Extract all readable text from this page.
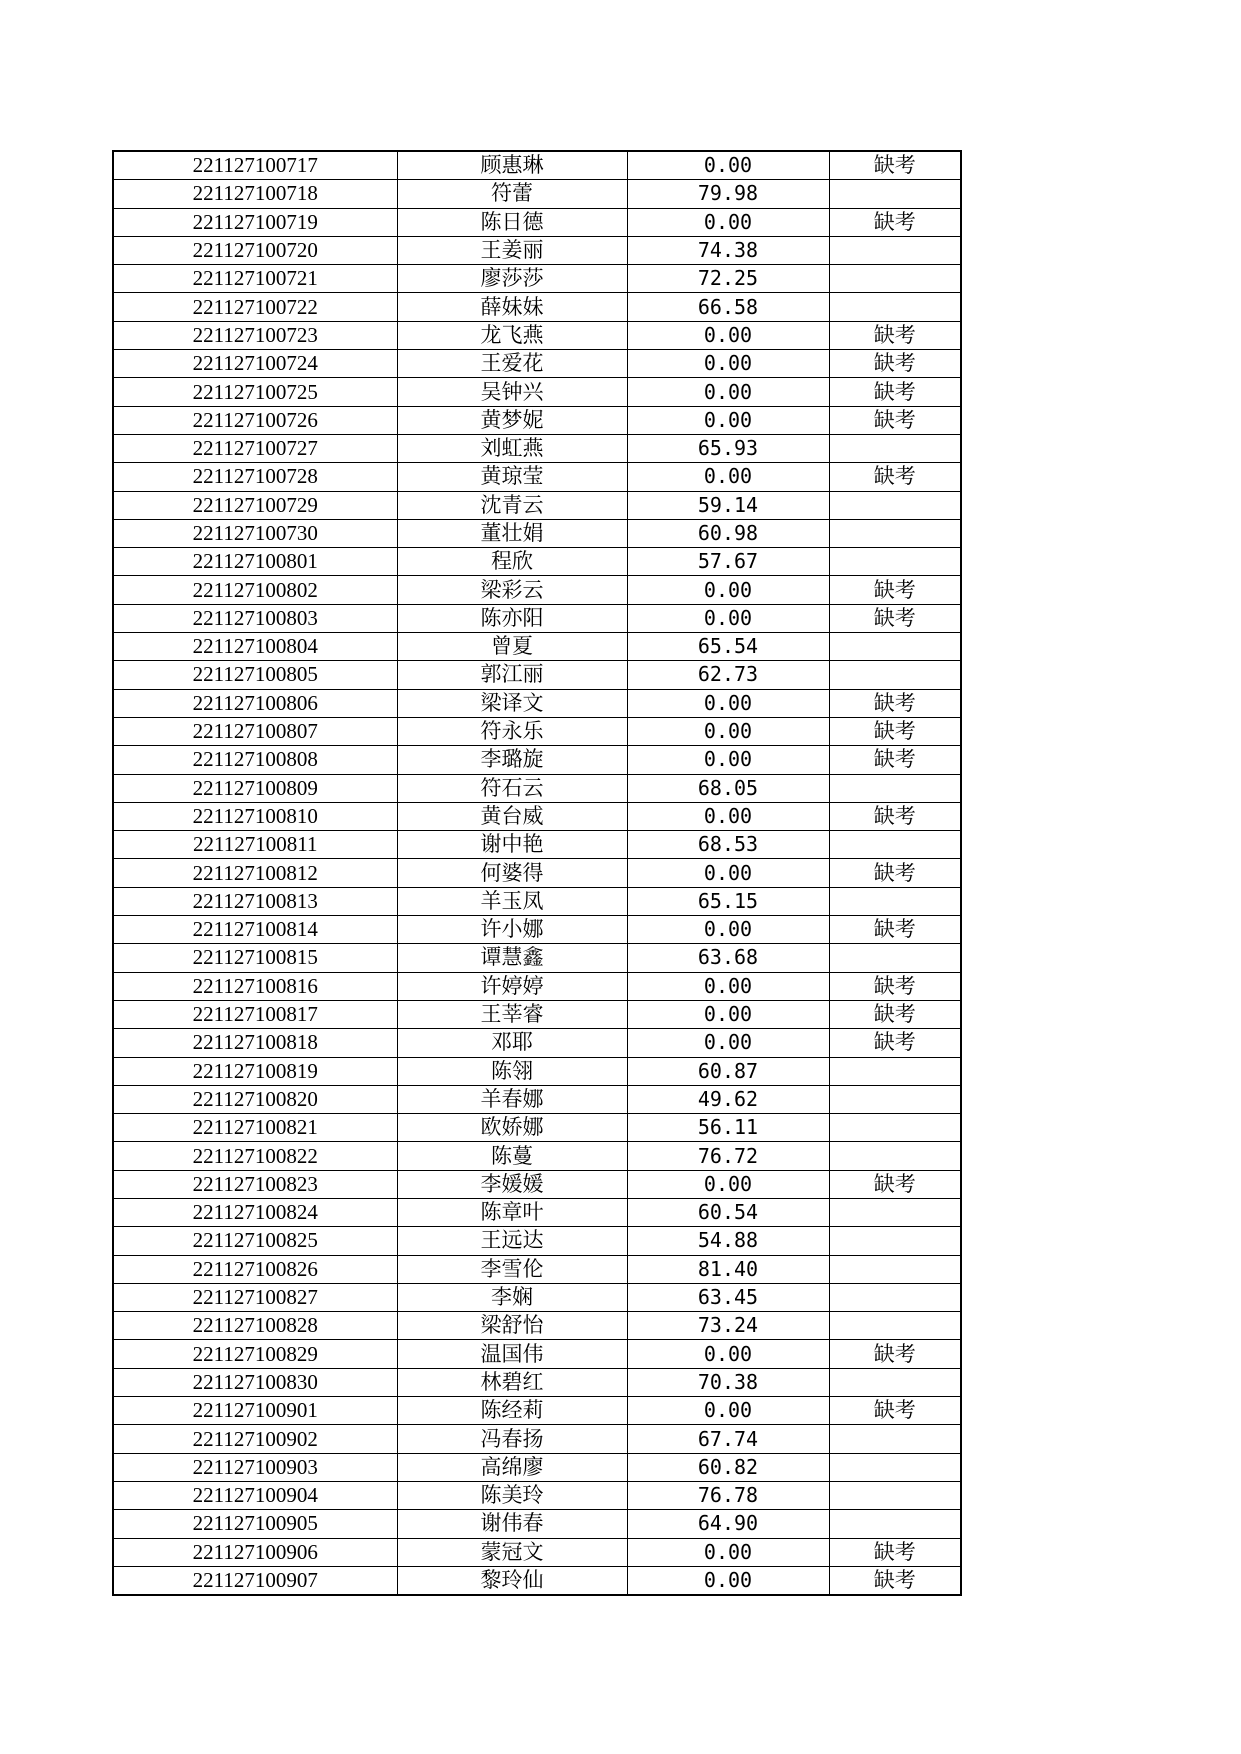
221127100717	顾惠琳	0.00	缺考
221127100718	符蕾	79.98	
221127100719	陈日德	0.00	缺考
221127100720	王姜丽	74.38	
221127100721	廖莎莎	72.25	
221127100722	薛妹妹	66.58	
221127100723	龙飞燕	0.00	缺考
221127100724	王爱花	0.00	缺考
221127100725	吴钟兴	0.00	缺考
221127100726	黄梦妮	0.00	缺考
221127100727	刘虹燕	65.93	
221127100728	黄琼莹	0.00	缺考
221127100729	沈青云	59.14	
221127100730	董壮娟	60.98	
221127100801	程欣	57.67	
221127100802	梁彩云	0.00	缺考
221127100803	陈亦阳	0.00	缺考
221127100804	曾夏	65.54	
221127100805	郭江丽	62.73	
221127100806	梁译文	0.00	缺考
221127100807	符永乐	0.00	缺考
221127100808	李璐旋	0.00	缺考
221127100809	符石云	68.05	
221127100810	黄台威	0.00	缺考
221127100811	谢中艳	68.53	
221127100812	何婆得	0.00	缺考
221127100813	羊玉凤	65.15	
221127100814	许小娜	0.00	缺考
221127100815	谭慧鑫	63.68	
221127100816	许婷婷	0.00	缺考
221127100817	王莘睿	0.00	缺考
221127100818	邓耶	0.00	缺考
221127100819	陈翎	60.87	
221127100820	羊春娜	49.62	
221127100821	欧娇娜	56.11	
221127100822	陈蔓	76.72	
221127100823	李媛媛	0.00	缺考
221127100824	陈章叶	60.54	
221127100825	王远达	54.88	
221127100826	李雪伦	81.40	
221127100827	李娴	63.45	
221127100828	梁舒怡	73.24	
221127100829	温国伟	0.00	缺考
221127100830	林碧红	70.38	
221127100901	陈经莉	0.00	缺考
221127100902	冯春扬	67.74	
221127100903	高绵廖	60.82	
221127100904	陈美玲	76.78	
221127100905	谢伟春	64.90	
221127100906	蒙冠文	0.00	缺考
221127100907	黎玲仙	0.00	缺考
